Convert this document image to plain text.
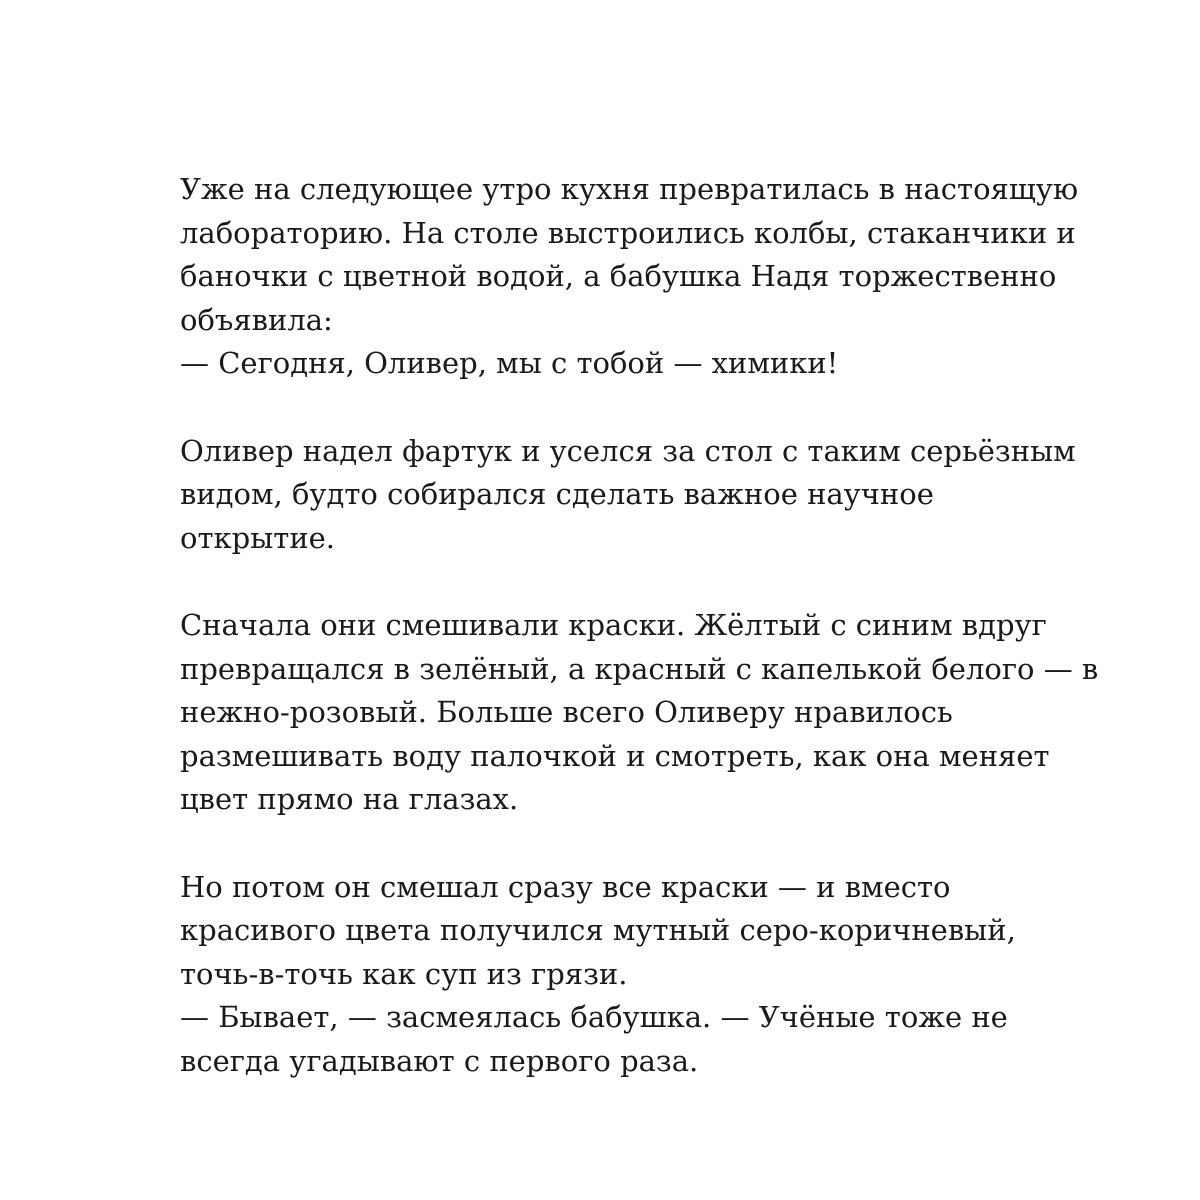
Уже на следующее утро кухня превратилась в настоящую
лабораторию. На столе выстроились колбы, стаканчики и
баночки с цветной водой, а бабушка Надя торжественно
объявила:
— Сегодня, Оливер, мы с тобой — химики!
Оливер надел фартук и уселся за стол с таким серьёзным
видом, будто собирался сделать важное научное
открытие.
Сначала они смешивали краски. Жёлтый с синим вдруг
превращался в зелёный, а красный с капелькой белого — в
нежно-розовый. Больше всего Оливеру нравилось
размешивать воду палочкой и смотреть, как она меняет
цвет прямо на глазах.
Но потом он смешал сразу все краски — и вместо
красивого цвета получился мутный серо-коричневый,
точь-в-точь как суп из грязи.
— Бывает, — засмеялась бабушка. — Учёные тоже не
всегда угадывают с первого раза.
